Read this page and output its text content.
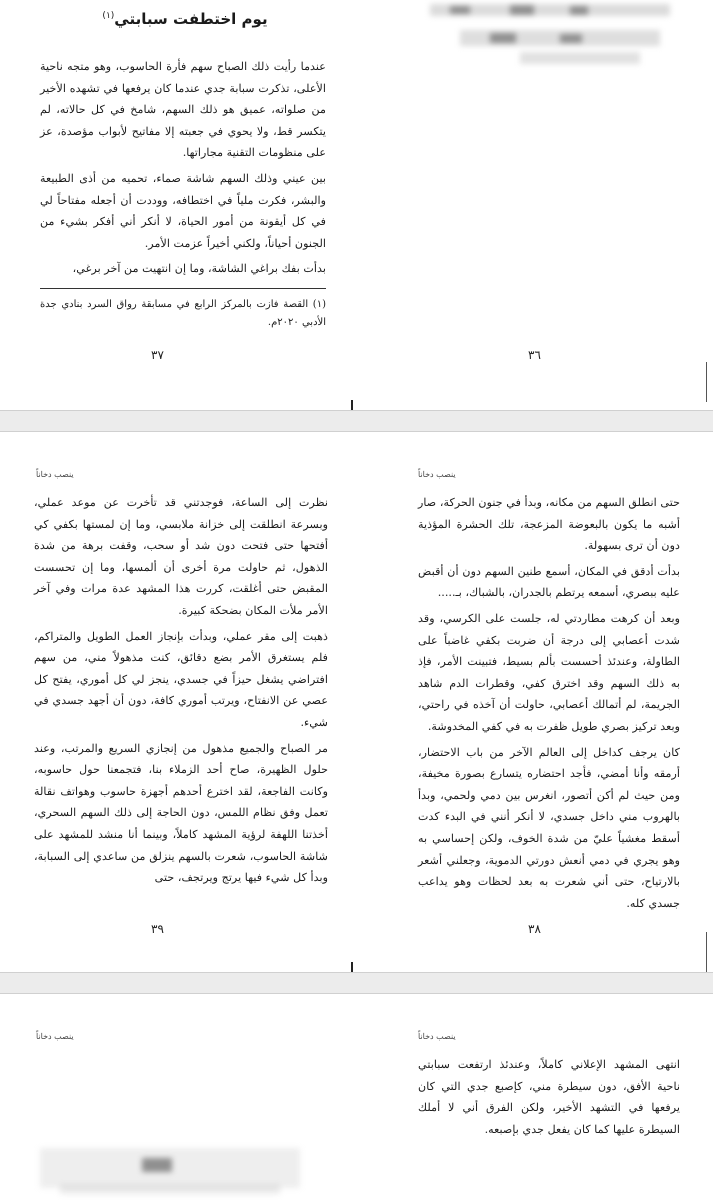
يوم اختطفت سبابتي$^{(١)}$

عندما رأيت ذلك الصباح سهم فأرة الحاسوب، وهو متجه ناحية الأعلى، تذكرت سبابة جدي عندما كان يرفعها في تشهده الأخير من صلواته، عميق هو ذلك السهم، شامخ في كل حالاته، لم يتكسر قط، ولا يحوي في جعبته إلا مفاتيح لأبواب مؤصدة، عز على منظومات التقنية مجاراتها.

بين عيني وذلك السهم شاشة صماء، تحميه من أذى الطبيعة والبشر، فكرت ملياً في اختطافه، ووددت أن أجعله مفتاحاً لي في كل أيقونة من أمور الحياة، لا أنكر أني أفكر بشيء من الجنون أحياناً، ولكني أخيراً عزمت الأمر.

بدأت بفك براغي الشاشة، وما إن انتهيت من آخر برغي،

(١) القصة فازت بالمركز الرابع في مسابقة رواق السرد بنادي جدة الأدبي ٢٠٢٠م.
٣٧	٣٦
ينصب دخاناً	ينصب دخاناً

نظرت إلى الساعة، فوجدتني قد تأخرت عن موعد عملي، وبسرعة انطلقت إلى خزانة ملابسي، وما إن لمستها بكفي كي أفتحها حتى فتحت دون شد أو سحب، وقفت برهة من شدة الذهول، ثم حاولت مرة أخرى أن ألمسها، وما إن تحسست المقبض حتى أغلقت، كررت هذا المشهد عدة مرات وفي آخر الأمر ملأت المكان بضحكة كبيرة.

ذهبت إلى مقر عملي، وبدأت بإنجاز العمل الطويل والمتراكم، فلم يستغرق الأمر بضع دقائق، كنت مذهولاً مني، من سهم افتراضي يشغل حيزاً في جسدي، ينجز لي كل أموري، يفتح كل عصي عن الانفتاح، ويرتب أموري كافة، دون أن أجهد جسدي في شيء.

مر الصباح والجميع مذهول من إنجازي السريع والمرتب، وعند حلول الظهيرة، صاح أحد الزملاء بنا، فتجمعنا حول حاسوبه، وكانت الفاجعة، لقد اخترع أحدهم أجهزة حاسوب وهواتف نقالة تعمل وفق نظام اللمس، دون الحاجة إلى ذلك السهم السحري، أخذتنا اللهفة لرؤية المشهد كاملاً، وبينما أنا منشد للمشهد على شاشة الحاسوب، شعرت بالسهم ينزلق من ساعدي إلى السبابة، وبدأ كل شيء فيها يرتج ويرتجف، حتى

٣٩

حتى انطلق السهم من مكانه، وبدأ في جنون الحركة، صار أشبه ما يكون بالبعوضة المزعجة، تلك الحشرة المؤذية دون أن ترى بسهولة.

بدأت أدقق في المكان، أسمع طنين السهم دون أن أقبض عليه ببصري، أسمعه يرتطم بالجدران، بالشباك، بـ.....

وبعد أن كرهت مطاردتي له، جلست على الكرسي، وقد شدت أعصابي إلى درجة أن ضربت بكفي غاضباً على الطاولة، وعندئذ أحسست بألم بسيط، فتبينت الأمر، فإذ به ذلك السهم وقد اخترق كفي، وقطرات الدم شاهد الجريمة، لم أتمالك أعصابي، حاولت أن آخذه في راحتي، وبعد تركيز بصري طويل ظفرت به في كفي المخدوشة.

كان يرجف كداخل إلى العالم الآخر من باب الاحتضار، أرمقه وأنا أمضي، فأجد احتضاره يتسارع بصورة مخيفة، ومن حيث لم أكن أتصور، انغرس بين دمي ولحمي، وبدأ بالهروب مني داخل جسدي، لا أنكر أنني في البدء كدت أسقط مغشياً عليّ من شدة الخوف، ولكن إحساسي به وهو يجري في دمي أنعش دورتي الدموية، وجعلني أشعر بالارتياح، حتى أني شعرت به بعد لحظات وهو يداعب جسدي كله.

٣٨
ينصب دخاناً	ينصب دخاناً

انتهى المشهد الإعلاني كاملاً، وعندئذ ارتفعت سبابتي ناحية الأفق، دون سيطرة مني، كإصبع جدي التي كان يرفعها في التشهد الأخير، ولكن الفرق أني لا أملك السيطرة عليها كما كان يفعل جدي بإصبعه.
